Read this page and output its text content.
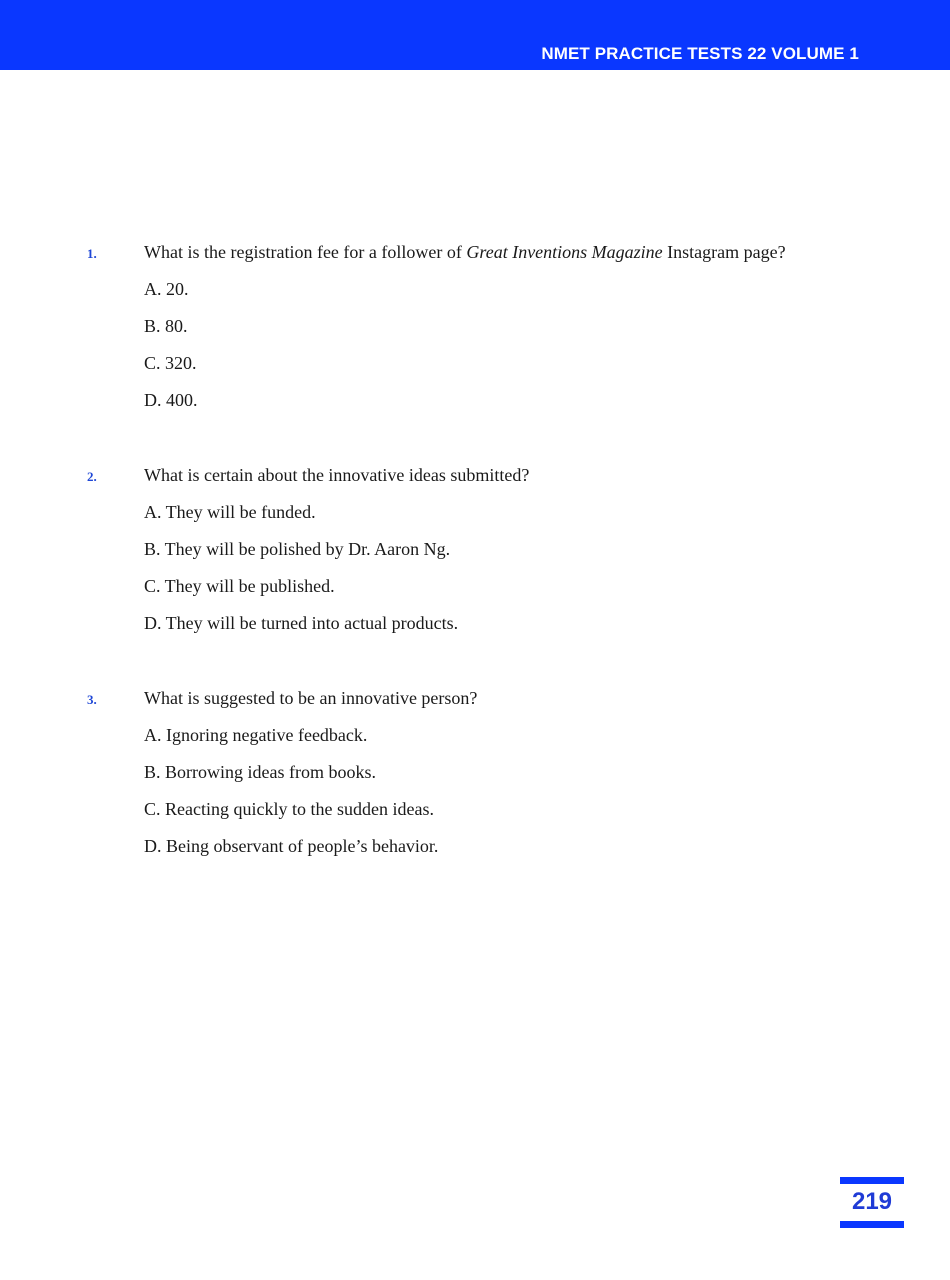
NMET PRACTICE TESTS 22 VOLUME 1
1.	What is the registration fee for a follower of Great Inventions Magazine Instagram page?
A. 20.
B. 80.
C. 320.
D. 400.
2.	What is certain about the innovative ideas submitted?
A. They will be funded.
B. They will be polished by Dr. Aaron Ng.
C. They will be published.
D. They will be turned into actual products.
3.	What is suggested to be an innovative person?
A. Ignoring negative feedback.
B. Borrowing ideas from books.
C. Reacting quickly to the sudden ideas.
D. Being observant of people’s behavior.
219
